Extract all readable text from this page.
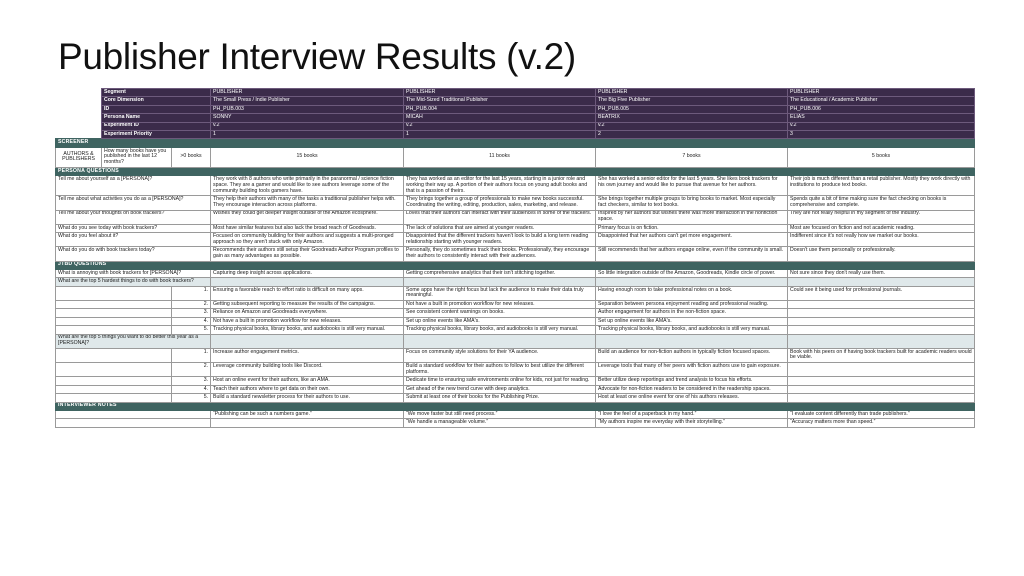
Publisher Interview Results (v.2)
	Segment		PUBLISHER	PUBLISHER	PUBLISHER	PUBLISHER
	Core Dimension		The Small Press / Indie Publisher	The Mid-Sized Traditional Publisher	The Big Five Publisher	The Educational / Academic Publisher
	ID		PH_PUB.003	PH_PUB.004	PH_PUB.005	PH_PUB.006
	Persona Name		SONNY	MICAH	BEATRIX	ELIAS
	Experiment ID		v.2	v.2	v.2	v.2
	Experiment Priority		1	1	2	3
SCREENER						
AUTHORS & PUBLISHERS	How many books have you published in the last 12 months?	>0 books	15 books	11 books	7 books	5 books
PERSONA QUESTIONS						
Tell me about yourself as a [PERSONA]?			They work with 8 authors who write primarily in the paranormal / science fiction space. They are a gamer and would like to see authors leverage some of the community building tools gamers have.	They has worked as an editor for the last 15 years, starting in a junior role and working their way up. A portion of their authors focus on young adult books and that is a passion of theirs.	She has worked a senior editor for the last 5 years. She likes book trackers for his own journey and would like to pursue that avenue for her authors.	Their job is much different than a retail publisher. Mostly they work directly with institutions to produce text books.
Tell me about what activities you do as a [PERSONA]?			They help their authors with many of the tasks a traditional publisher helps with. They encourage interaction across platforms.	They brings together a group of professionals to make new books successful. Coordinating the writing, editing, production, sales, marketing, and release.	She brings together multiple groups to bring books to market. Most especially fact checkers, similar to text books.	Spends quite a bit of time making sure the fact checking on books is comprehensive and complete.
Tell me about your thoughts on book trackers?			Wishes they could get deeper insight outside of the Amazon ecosphere.	Loves that their authors can interact with their audiences in some of the trackers.	Inspired by her authors but wishes there was more interaction in the nonfiction space.	They are not really helpful in my segment of the industry.
What do you see today with book trackers?			Most have similar features but also lack the broad reach of Goodreads.	The lack of solutions that are aimed at younger readers.	Primary focus is on fiction.	Most are focused on fiction and not academic reading.
What do you feel about it?			Focused on community building for their authors and suggests a multi-pronged approach so they aren't stuck with only Amazon.	Disappointed that the different trackers haven't look to build a long term reading relationship starting with younger readers.	Disappointed that her authors can't get more engagement.	Indifferent since it's not really how we market our books.
What do you do with book trackers today?			Recommends their authors still setup their Goodreads Author Program profiles to gain as many advantages as possible.	Personally, they do sometimes track their books. Professionally, they encourage their authors to consistently interact with their audiences.	Still recommends that her authors engage online, even if the community is small.	Doesn't use them personally or professionally.
JTBD QUESTIONS						
What is annoying with book trackers for [PERSONA]?			Capturing deep insight across applications.	Getting comprehensive analytics that their isn't stitching together.	So little integration outside of the Amazon, Goodreads, Kindle circle of power.	Not sure since they don't really use them.
What are the top 5 hardest things to do with book trackers?						
		1.	Ensuring a favorable reach to effort ratio is difficult on many apps.	Some apps have the right focus but lack the audience to make their data truly meaningful.	Having enough room to take professional notes on a book.	Could see it being used for professional journals.
		2.	Getting subsequent reporting to measure the results of the campaigns.	Not have a built in promotion workflow for new releases.	Separation between persona enjoyment reading and professional reading.	
		3.	Reliance on Amazon and Goodreads everywhere.	See consistent content warnings on books.	Author engagement for authors in the non-fiction space.	
		4.	Not have a built in promotion workflow for new releases.	Set up online events like AMA's.	Set up online events like AMA's.	
		5.	Tracking physical books, library books, and audiobooks is still very manual.	Tracking physical books, library books, and audiobooks is still very manual.	Tracking physical books, library books, and audiobooks is still very manual.	
What are the top 5 things you want to do better this year as a [PERSONA]?						
		1.	Increase author engagement metrics.	Focus on community style solutions for their YA audience.	Build an audience for non-fiction authors in typically fiction focused spaces.	Book with his peers on if having book trackers built for academic readers would be viable.
		2.	Leverage community building tools like Discord.	Build a standard workflow for their authors to follow to best utilize the different platforms.	Leverage tools that many of her peers with fiction authors use to gain exposure.	
		3.	Host an online event for their authors, like an AMA.	Dedicate time to ensuring safe environments online for kids, not just for reading.	Better utilize deep reportings and trend analysis to focus his efforts.	
		4.	Teach their authors where to get data on their own.	Get ahead of the new trend curve with deep analytics.	Advocate for non-fiction readers to be considered in the readership spaces.	
		5.	Build a standard newsletter process for their authors to use.	Submit at least one of their books for the Publishing Prize.	Host at least one online event for one of his authors releases.	
INTERVIEWER NOTES						
			“Publishing can be such a numbers game.”	“We move faster but still need process.”	“I love the feel of a paperback in my hand.”	“I evaluate content differently than trade publishers.”
				“We handle a manageable volume.”	“My authors inspire me everyday with their storytelling.”	“Accuracy matters more than speed.”
